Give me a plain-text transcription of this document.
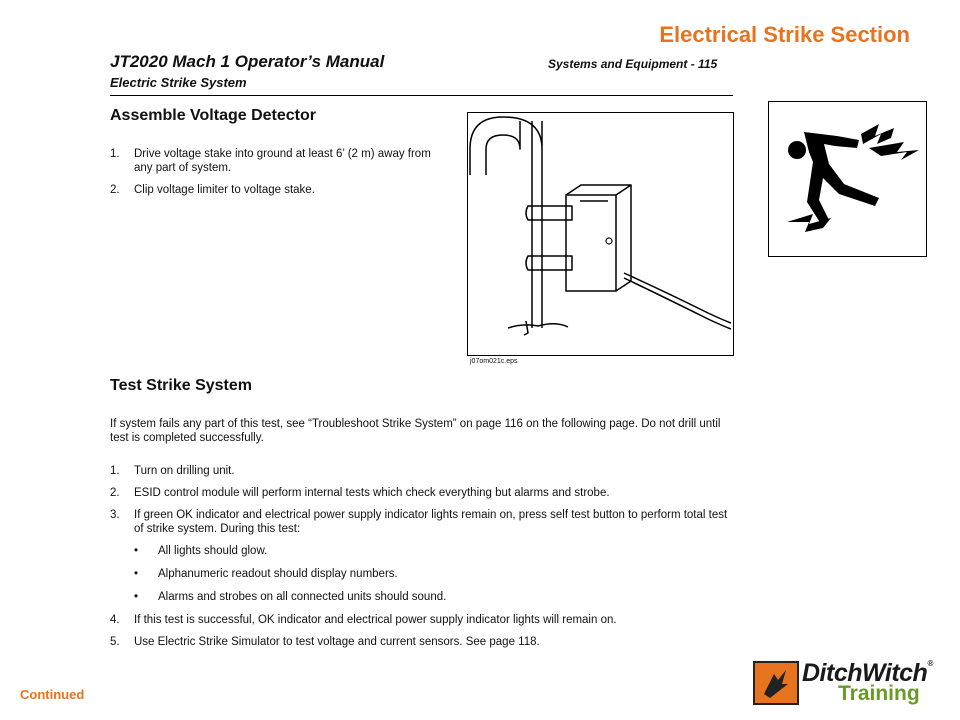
Electrical Strike Section
JT2020 Mach 1 Operator’s Manual
Electric Strike System
Systems and Equipment - 115
Assemble Voltage Detector
1. Drive voltage stake into ground at least 6’ (2 m) away from any part of system.
2. Clip voltage limiter to voltage stake.
j07om021c.eps
Test Strike System

If system fails any part of this test, see “Troubleshoot Strike System” on page 116 on the following page. Do not drill until test is completed successfully.

1. Turn on drilling unit.
2. ESID control module will perform internal tests which check everything but alarms and strobe.
3. If green OK indicator and electrical power supply indicator lights remain on, press self test button to perform total test of strike system. During this test:
• All lights should glow.
• Alphanumeric readout should display numbers.
• Alarms and strobes on all connected units should sound.
4. If this test is successful, OK indicator and electrical power supply indicator lights will remain on.
5. Use Electric Strike Simulator to test voltage and current sensors. See page 118.
Continued
DitchWitch®
Training
